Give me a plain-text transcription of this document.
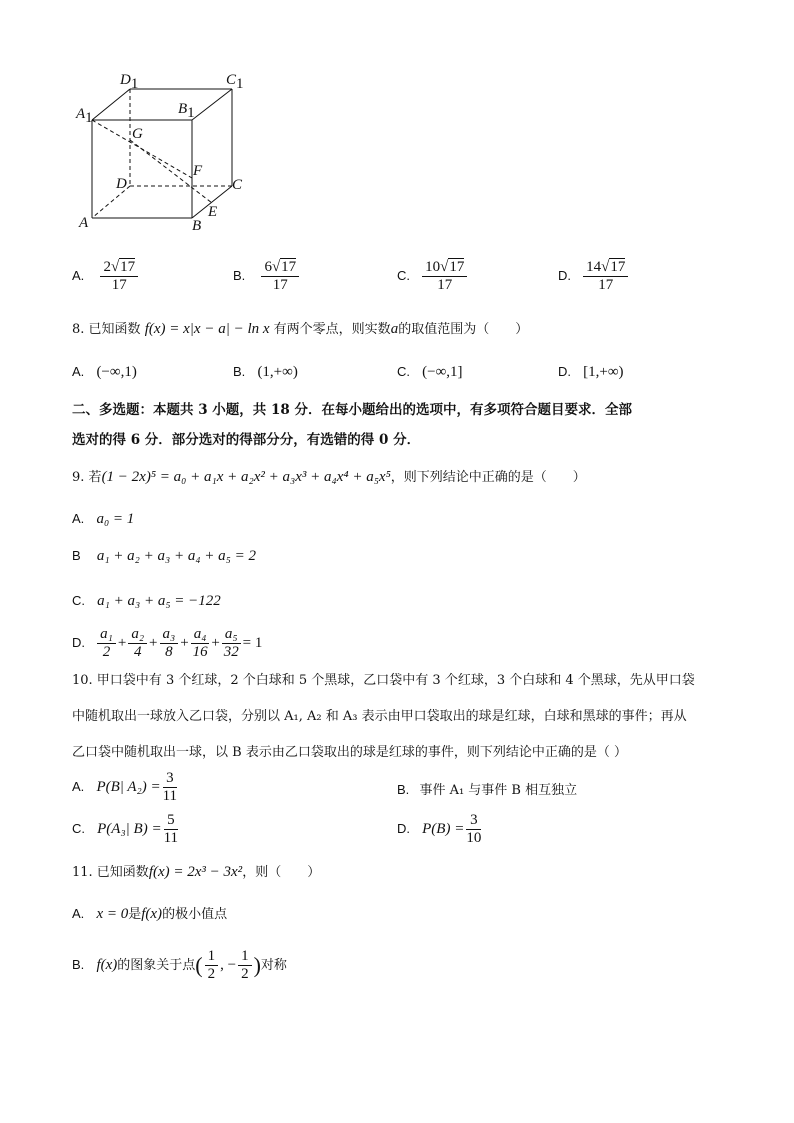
$D_1$	$C_1$
$A_1$
$B_1$
G
F
D	C
A
E
B
A. $\frac{2√17}{17}$	B. $\frac{6√17}{17}$	C. $\frac{10√17}{17}$	D. $\frac{14√17}{17}$
8. 已知函数 f(x) = x|x − a| − ln x 有两个零点，则实数a的取值范围为（　　）
A. (−∞,1)	B. (1,+∞)	C. (−∞,1]	D. [1,+∞)
二、多选题：本题共 3 小题，共 18 分．在每小题给出的选项中，有多项符合题目要求．全部
选对的得 6 分．部分选对的得部分分，有选错的得 0 分．
9. 若(1 − 2x)⁵ = a₀ + a₁x + a₂x² + a₃x³ + a₄x⁴ + a₅x⁵，则下列结论中正确的是（　　）
A. a₀ = 1
B a₁ + a₂ + a₃ + a₄ + a₅ = 2
C. a₁ + a₃ + a₅ = −122
D. $\frac{\text{a₁}}{2} + \frac{\text{a₂}}{4} + \frac{\text{a₃}}{8} + \frac{\text{a₄}}{16} + \frac{\text{a₅}}{32} = 1$
10. 甲口袋中有 3 个红球，2 个白球和 5 个黑球，乙口袋中有 3 个红球，3 个白球和 4 个黑球，先从甲口袋
中随机取出一球放入乙口袋，分别以 A₁, A₂ 和 A₃ 表示由甲口袋取出的球是红球，白球和黑球的事件；再从
乙口袋中随机取出一球，以 B 表示由乙口袋取出的球是红球的事件，则下列结论中正确的是（ ）
A. P(B| $A_2) = \frac{3}{11}$	B. 事件 A₁ 与事件 B 相互独立
C. P(A₃| $B) = \frac{5}{11}$	D. $P(B) = \frac{3}{10}$
11. 已知函数f(x) = 2x³ − 3x²，则（　　）
A. x = 0是f(x)的极小值点
B. f(x)的图象关于点( $\frac{1}{2}$ , − $\frac{1}{2}$ )对称
